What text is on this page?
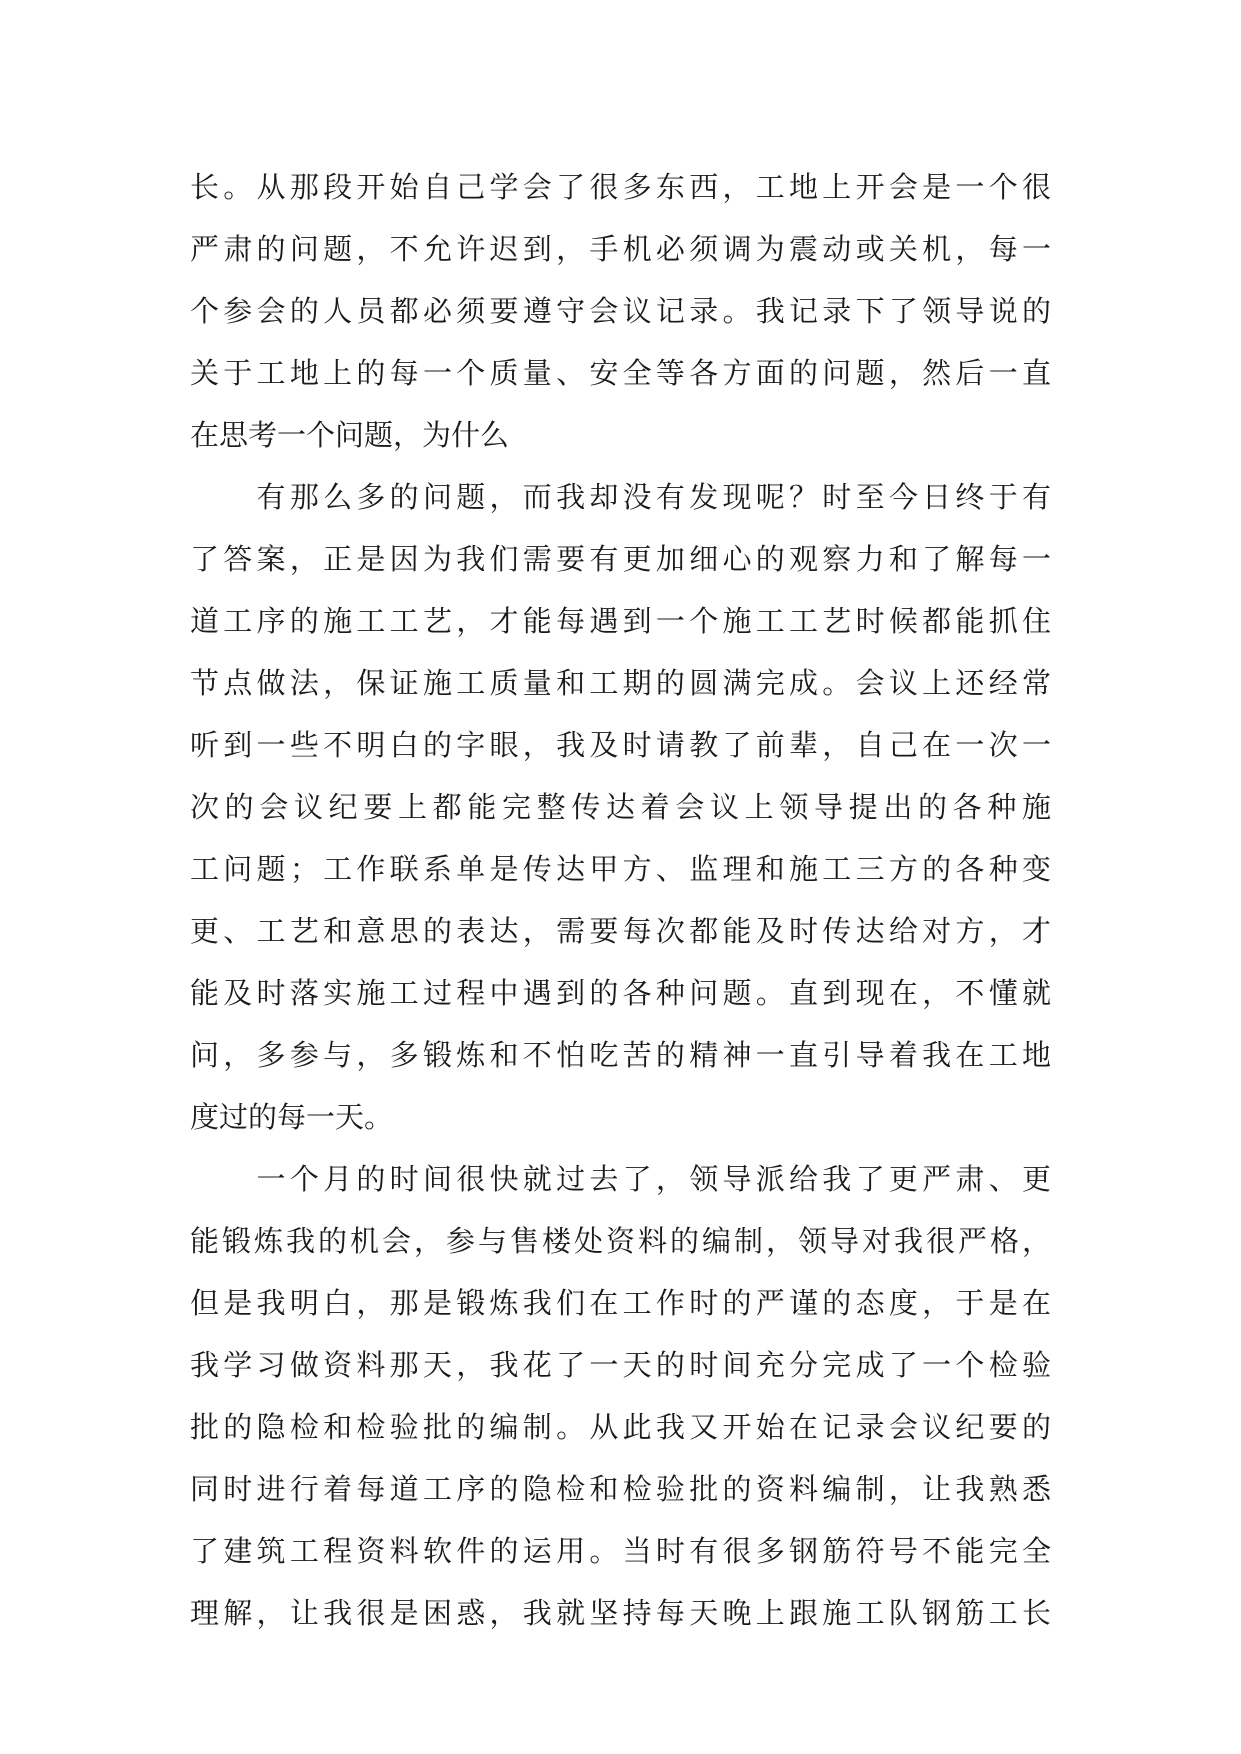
长。从那段开始自己学会了很多东西，工地上开会是一个很
严肃的问题，不允许迟到，手机必须调为震动或关机，每一
个参会的人员都必须要遵守会议记录。我记录下了领导说的
关于工地上的每一个质量、安全等各方面的问题，然后一直
在思考一个问题，为什么
　　有那么多的问题，而我却没有发现呢？时至今日终于有
了答案，正是因为我们需要有更加细心的观察力和了解每一
道工序的施工工艺，才能每遇到一个施工工艺时候都能抓住
节点做法，保证施工质量和工期的圆满完成。会议上还经常
听到一些不明白的字眼，我及时请教了前辈，自己在一次一
次的会议纪要上都能完整传达着会议上领导提出的各种施
工问题；工作联系单是传达甲方、监理和施工三方的各种变
更、工艺和意思的表达，需要每次都能及时传达给对方，才
能及时落实施工过程中遇到的各种问题。直到现在，不懂就
问，多参与，多锻炼和不怕吃苦的精神一直引导着我在工地
度过的每一天。
　　一个月的时间很快就过去了，领导派给我了更严肃、更
能锻炼我的机会，参与售楼处资料的编制，领导对我很严格，
但是我明白，那是锻炼我们在工作时的严谨的态度，于是在
我学习做资料那天，我花了一天的时间充分完成了一个检验
批的隐检和检验批的编制。从此我又开始在记录会议纪要的
同时进行着每道工序的隐检和检验批的资料编制，让我熟悉
了建筑工程资料软件的运用。当时有很多钢筋符号不能完全
理解，让我很是困惑，我就坚持每天晚上跟施工队钢筋工长
